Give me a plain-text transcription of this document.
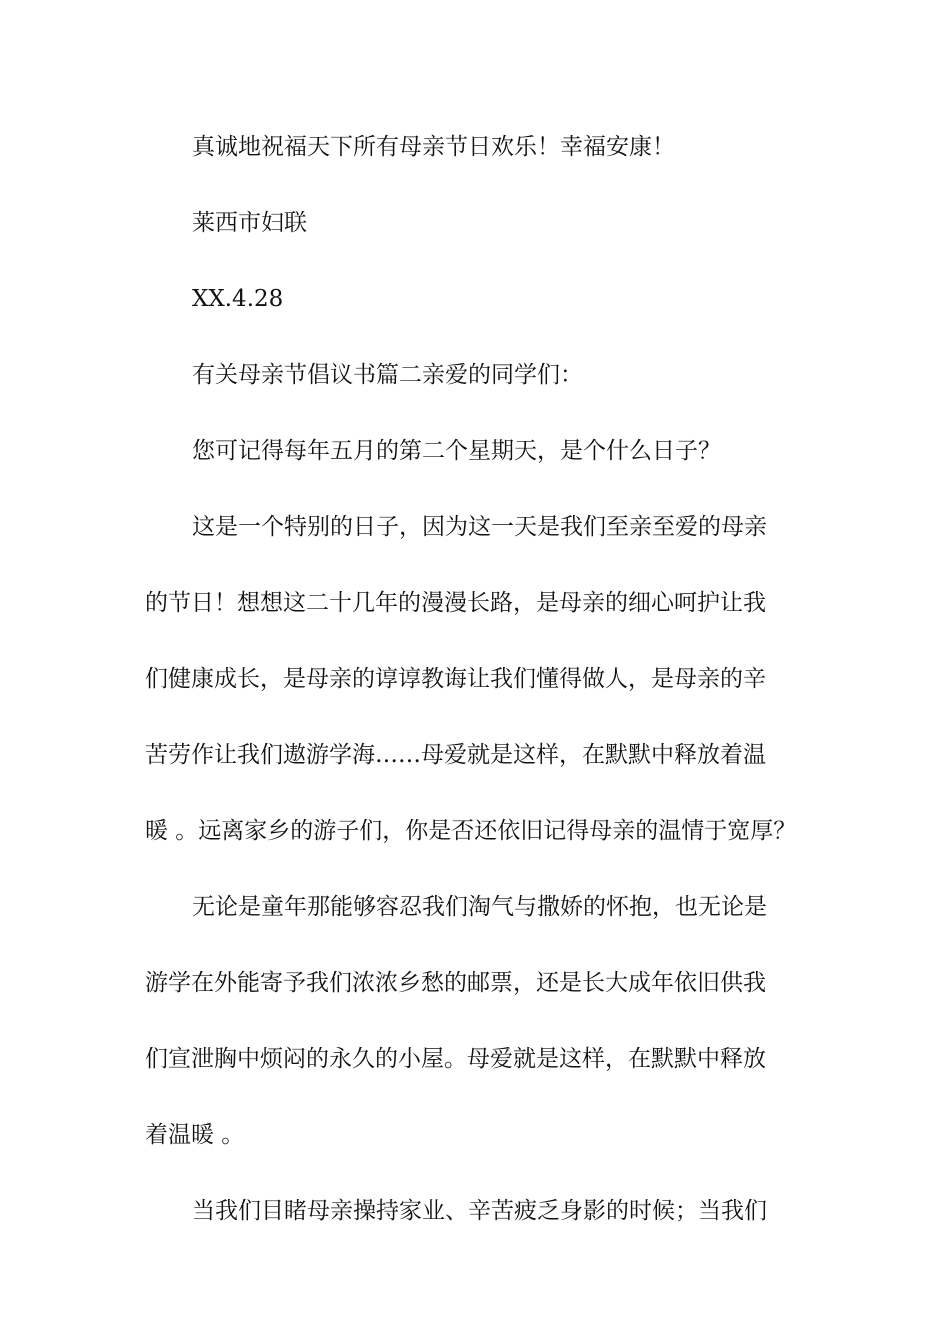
真诚地祝福天下所有母亲节日欢乐！幸福安康！
莱西市妇联
XX.4.28
有关母亲节倡议书篇二亲爱的同学们：
您可记得每年五月的第二个星期天，是个什么日子？
这是一个特别的日子，因为这一天是我们至亲至爱的母亲
的节日！想想这二十几年的漫漫长路，是母亲的细心呵护让我
们健康成长，是母亲的谆谆教诲让我们懂得做人，是母亲的辛
苦劳作让我们遨游学海……母爱就是这样，在默默中释放着温
暖 。远离家乡的游子们，你是否还依旧记得母亲的温情于宽厚？
无论是童年那能够容忍我们淘气与撒娇的怀抱，也无论是
游学在外能寄予我们浓浓乡愁的邮票，还是长大成年依旧供我
们宣泄胸中烦闷的永久的小屋。母爱就是这样，在默默中释放
着温暖 。
当我们目睹母亲操持家业、辛苦疲乏身影的时候；当我们
